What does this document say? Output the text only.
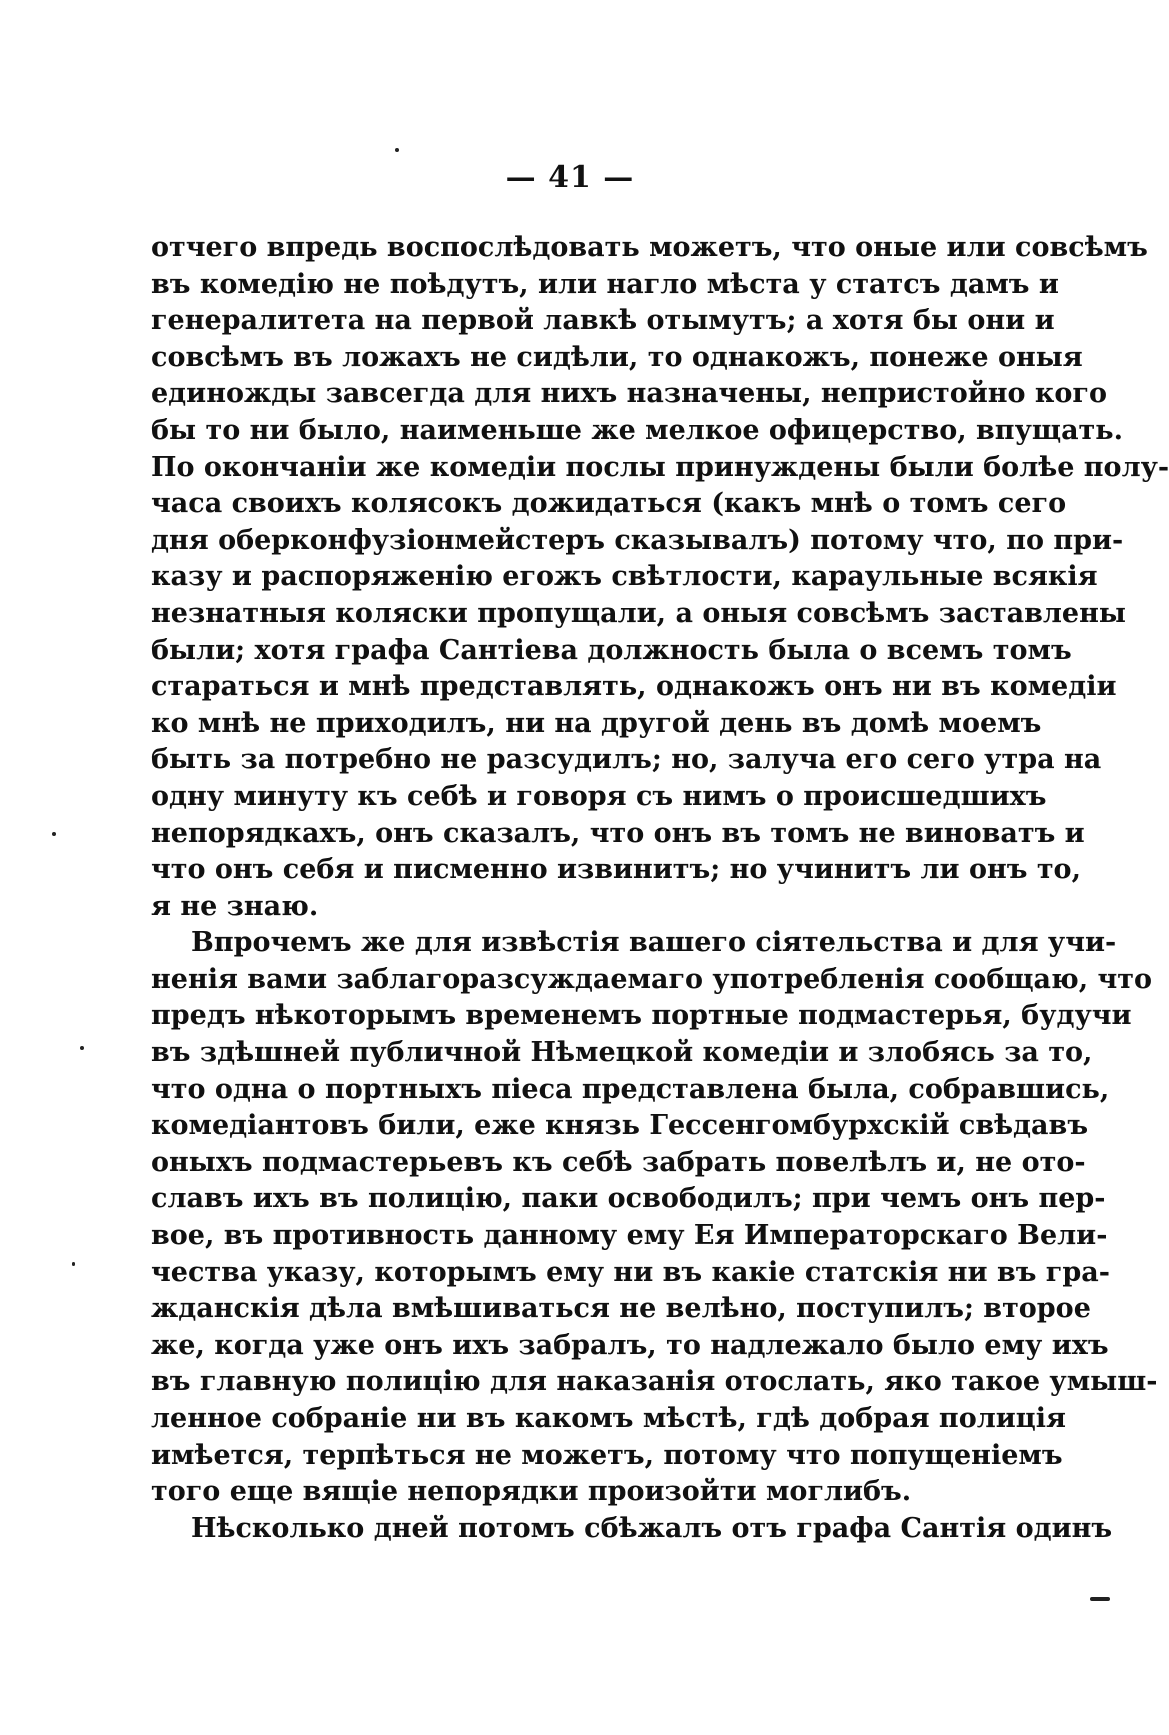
— 41 —
отчего впредь воспослѣдовать можетъ, что оные или совсѣмъ
въ комедію не поѣдутъ, или нагло мѣста у статсъ дамъ и
генералитета на первой лавкѣ отымутъ; а хотя бы они и
совсѣмъ въ ложахъ не сидѣли, то однакожъ, понеже оныя
единожды завсегда для нихъ назначены, непристойно кого
бы то ни было, наименьше же мелкое офицерство, впущать.
По окончаніи же комедіи послы принуждены были болѣе полу-
часа своихъ колясокъ дожидаться (какъ мнѣ о томъ сего
дня оберконфузіонмейстеръ сказывалъ) потому что, по при-
казу и распоряженію егожъ свѣтлости, караульные всякія
незнатныя коляски пропущали, а оныя совсѣмъ заставлены
были; хотя графа Сантіева должность была о всемъ томъ
стараться и мнѣ представлять, однакожъ онъ ни въ комедіи
ко мнѣ не приходилъ, ни на другой день въ домѣ моемъ
быть за потребно не разсудилъ; но, залуча его сего утра на
одну минуту къ себѣ и говоря съ нимъ о происшедшихъ
непорядкахъ, онъ сказалъ, что онъ въ томъ не виноватъ и
что онъ себя и писменно извинитъ; но учинитъ ли онъ то,
я не знаю.
Впрочемъ же для извѣстія вашего сіятельства и для учи-
ненія вами заблагоразсуждаемаго употребленія сообщаю, что
предъ нѣкоторымъ временемъ портные подмастерья, будучи
въ здѣшней публичной Нѣмецкой комедіи и злобясь за то,
что одна о портныхъ піеса представлена была, собравшись,
комедіантовъ били, еже князь Гессенгомбурхскій свѣдавъ
оныхъ подмастерьевъ къ себѣ забрать повелѣлъ и, не ото-
славъ ихъ въ полицію, паки освободилъ; при чемъ онъ пер-
вое, въ противность данному ему Ея Императорскаго Вели-
чества указу, которымъ ему ни въ какіе статскія ни въ гра-
жданскія дѣла вмѣшиваться не велѣно, поступилъ; второе
же, когда уже онъ ихъ забралъ, то надлежало было ему ихъ
въ главную полицію для наказанія отослать, яко такое умыш-
ленное собраніе ни въ какомъ мѣстѣ, гдѣ добрая полиція
имѣется, терпѣться не можетъ, потому что попущеніемъ
того еще вящіе непорядки произойти моглибъ.
Нѣсколько дней потомъ сбѣжалъ отъ графа Сантія одинъ
